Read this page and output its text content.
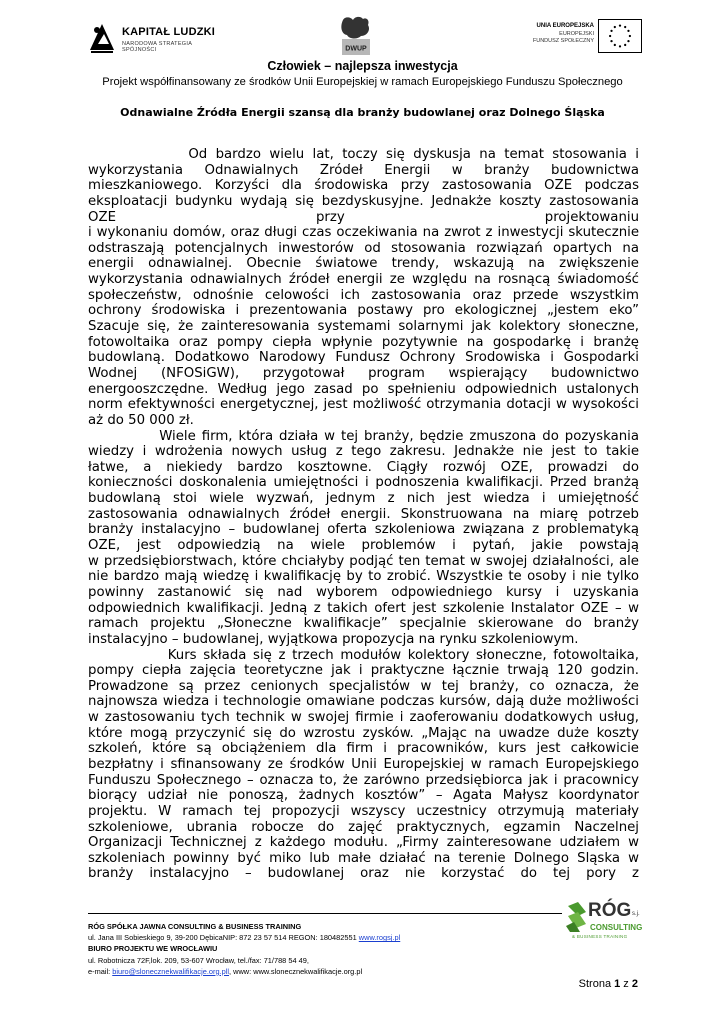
KAPITAŁ LUDZKI
NARODOWA STRATEGIA SPÓJNOŚCI	DWUP
UNIA EUROPEJSKA
EUROPEJSKI
FUNDUSZ SPOŁECZNY
Człowiek – najlepsza inwestycja
Projekt współfinansowany ze środków Unii Europejskiej w ramach Europejskiego Funduszu Społecznego
Odnawialne Źródła Energii szansą dla branży budowlanej oraz Dolnego Śląska
Od bardzo wielu lat, toczy się dyskusja na temat stosowania i
wykorzystania Odnawialnych Źródeł Energii w branży budownictwa
mieszkaniowego. Korzyści dla środowiska przy zastosowania OZE podczas
eksploatacji budynku wydają się bezdyskusyjne. Jednakże koszty zastosowania
OZE przy projektowaniu
i wykonaniu domów, oraz długi czas oczekiwania na zwrot z inwestycji skutecznie
odstraszają potencjalnych inwestorów od stosowania rozwiązań opartych na
energii odnawialnej. Obecnie światowe trendy, wskazują na zwiększenie
wykorzystania odnawialnych źródeł energii ze względu na rosnącą świadomość
społeczeństw, odnośnie celowości ich zastosowania oraz przede wszystkim
ochrony środowiska i prezentowania postawy pro ekologicznej „jestem eko”
Szacuje się, że zainteresowania systemami solarnymi jak kolektory słoneczne,
fotowoltaika oraz pompy ciepła wpłynie pozytywnie na gospodarkę i branżę
budowlaną. Dodatkowo Narodowy Fundusz Ochrony Środowiska i Gospodarki
Wodnej (NFOŚiGW), przygotował program wspierający budownictwo
energooszczędne. Według jego zasad po spełnieniu odpowiednich ustalonych
norm efektywności energetycznej, jest możliwość otrzymania dotacji w wysokości
aż do 50 000 zł.
Wiele firm, która działa w tej branży, będzie zmuszona do pozyskania
wiedzy i wdrożenia nowych usług z tego zakresu. Jednakże nie jest to takie
łatwe, a niekiedy bardzo kosztowne. Ciągły rozwój OZE, prowadzi do
konieczności doskonalenia umiejętności i podnoszenia kwalifikacji. Przed branżą
budowlaną stoi wiele wyzwań, jednym z nich jest wiedza i umiejętność
zastosowania odnawialnych źródeł energii. Skonstruowana na miarę potrzeb
branży instalacyjno – budowlanej oferta szkoleniowa związana z problematyką
OZE, jest odpowiedzią na wiele problemów i pytań, jakie powstają
w przedsiębiorstwach, które chciałyby podjąć ten temat w swojej działalności, ale
nie bardzo mają wiedzę i kwalifikację by to zrobić. Wszystkie te osoby i nie tylko
powinny zastanowić się nad wyborem odpowiedniego kursy i uzyskania
odpowiednich kwalifikacji. Jedną z takich ofert jest szkolenie Instalator OZE – w
ramach projektu „Słoneczne kwalifikacje” specjalnie skierowane do branży
instalacyjno – budowlanej, wyjątkowa propozycja na rynku szkoleniowym.
Kurs składa się z trzech modułów kolektory słoneczne, fotowoltaika,
pompy ciepła zajęcia teoretyczne jak i praktyczne łącznie trwają 120 godzin.
Prowadzone są przez cenionych specjalistów w tej branży, co oznacza, że
najnowsza wiedza i technologie omawiane podczas kursów, dają duże możliwości
w zastosowaniu tych technik w swojej firmie i zaoferowaniu dodatkowych usług,
które mogą przyczynić się do wzrostu zysków. „Mając na uwadze duże koszty
szkoleń, które są obciążeniem dla firm i pracowników, kurs jest całkowicie
bezpłatny i sfinansowany ze środków Unii Europejskiej w ramach Europejskiego
Funduszu Społecznego – oznacza to, że zarówno przedsiębiorca jak i pracownicy
biorący udział nie ponoszą, żadnych kosztów” – Agata Małysz koordynator
projektu. W ramach tej propozycji wszyscy uczestnicy otrzymują materiały
szkoleniowe, ubrania robocze do zajęć praktycznych, egzamin Naczelnej
Organizacji Technicznej z każdego modułu. „Firmy zainteresowane udziałem w
szkoleniach powinny być miko lub małe działać na terenie Dolnego Śląska w
branży instalacyjno – budowlanej oraz nie korzystać do tej pory z
RÓG SPÓŁKA JAWNA CONSULTING & BUSINESS TRAINING
ul. Jana III Sobieskiego 9, 39-200 DębicaNIP: 872 23 57 514 REGON: 180482551 www.rogsj.pl
BIURO PROJEKTU WE WROCŁAWIU
ul. Robotnicza 72F,lok. 209, 53-607 Wrocław, tel./fax: 71/788 54 49,
e-mail: biuro@slonecznekwalifikacje.org.pll, www: www.slonecznekwalifikacje.org.pl
RÓG s.j.
CONSULTING
& BUSINESS TRAINING
Strona 1 z 2
